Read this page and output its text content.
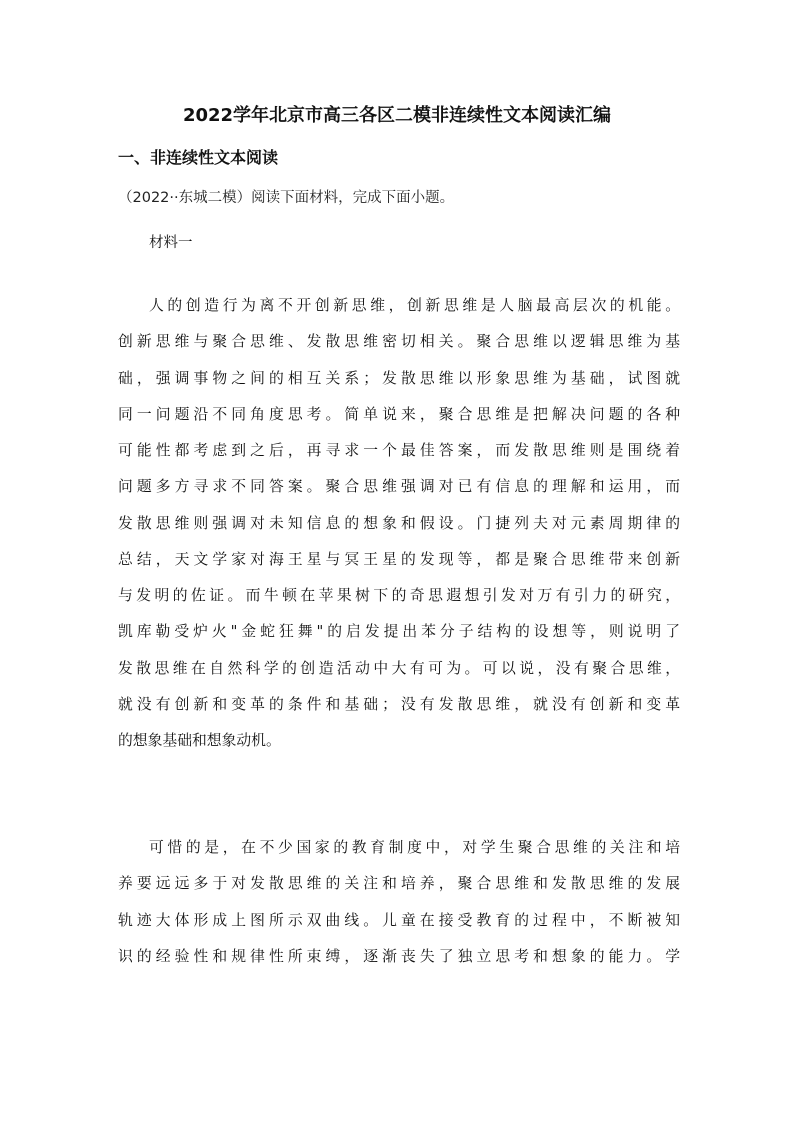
2022学年北京市高三各区二模非连续性文本阅读汇编
一、非连续性文本阅读
（2022··东城二模）阅读下面材料，完成下面小题。
材料一
人的创造行为离不开创新思维，创新思维是人脑最高层次的机能。
创新思维与聚合思维、发散思维密切相关。聚合思维以逻辑思维为基
础，强调事物之间的相互关系；发散思维以形象思维为基础，试图就
同一问题沿不同角度思考。简单说来，聚合思维是把解决问题的各种
可能性都考虑到之后，再寻求一个最佳答案，而发散思维则是围绕着
问题多方寻求不同答案。聚合思维强调对已有信息的理解和运用，而
发散思维则强调对未知信息的想象和假设。门捷列夫对元素周期律的
总结，天文学家对海王星与冥王星的发现等，都是聚合思维带来创新
与发明的佐证。而牛顿在苹果树下的奇思遐想引发对万有引力的研究，
凯库勒受炉火"金蛇狂舞"的启发提出苯分子结构的设想等，则说明了
发散思维在自然科学的创造活动中大有可为。可以说，没有聚合思维，
就没有创新和变革的条件和基础；没有发散思维，就没有创新和变革
的想象基础和想象动机。
可惜的是，在不少国家的教育制度中，对学生聚合思维的关注和培
养要远远多于对发散思维的关注和培养，聚合思维和发散思维的发展
轨迹大体形成上图所示双曲线。儿童在接受教育的过程中，不断被知
识的经验性和规律性所束缚，逐渐丧失了独立思考和想象的能力。学
